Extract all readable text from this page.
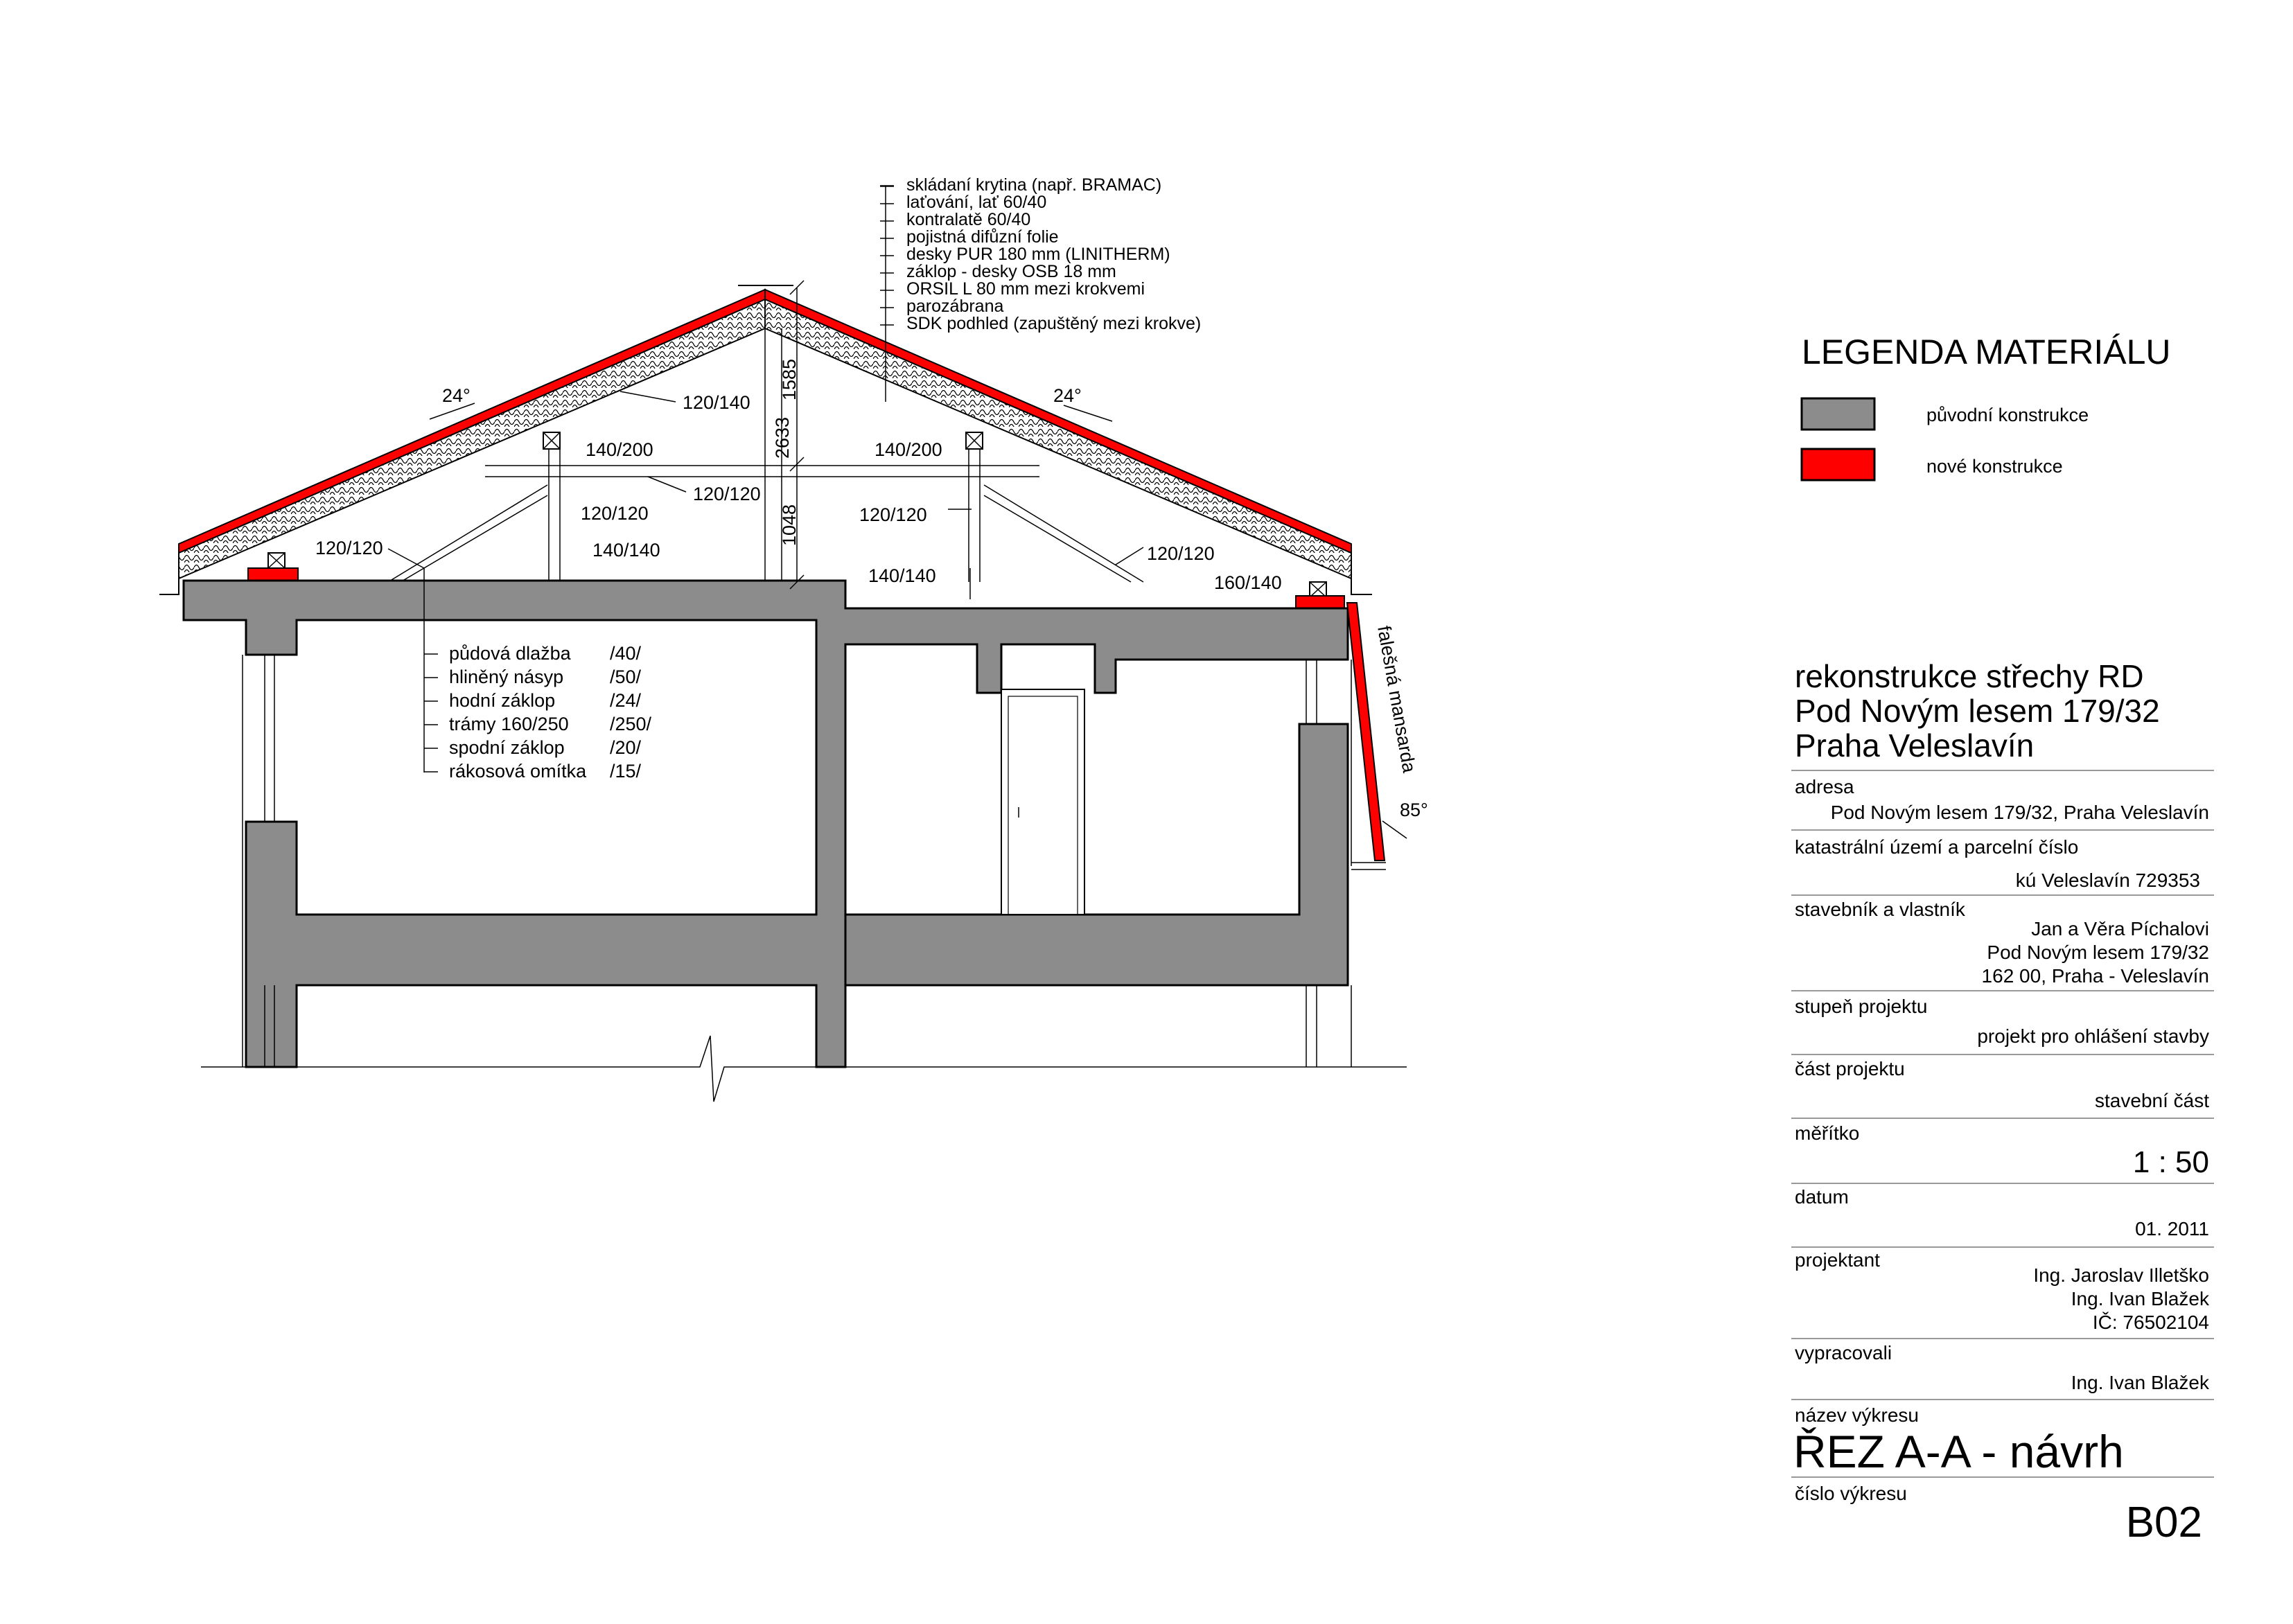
skládaní krytina (např. BRAMAC)
laťování, lať 60/40
kontralatě 60/40
pojistná difůzní folie
desky PUR 180 mm (LINITHERM)
záklop - desky OSB 18 mm
ORSIL L 80 mm mezi krokvemi
parozábrana
SDK podhled (zapuštěný mezi krokve)
24°	24°
85°
2633
1585
1048
120/140
140/200	140/200
120/120
120/120	120/120
120/120	120/120
140/140
140/140	160/140
falešná mansarda
půdová dlažba /40/
hliněný násyp /50/
hodní záklop	/24/
trámy 160/250 /250/
spodní záklop /20/
rákosová omítka /15/
LEGENDA MATERIÁLU
původní konstrukce
nové konstrukce
rekonstrukce střechy RD
Pod Novým lesem 179/32
Praha Veleslavín
adresa
Pod Novým lesem 179/32, Praha Veleslavín
katastrální území a parcelní číslo
kú Veleslavín 729353
stavebník a vlastník
Jan a Věra Píchalovi
Pod Novým lesem 179/32
162 00, Praha - Veleslavín
stupeň projektu
projekt pro ohlášení stavby
část projektu
stavební část
měřítko
1 : 50
datum
01. 2011
projektant
Ing. Jaroslav Illetško
Ing. Ivan Blažek
IČ: 76502104
vypracovali
Ing. Ivan Blažek
název výkresu
ŘEZ A-A - návrh
číslo výkresu
B02
